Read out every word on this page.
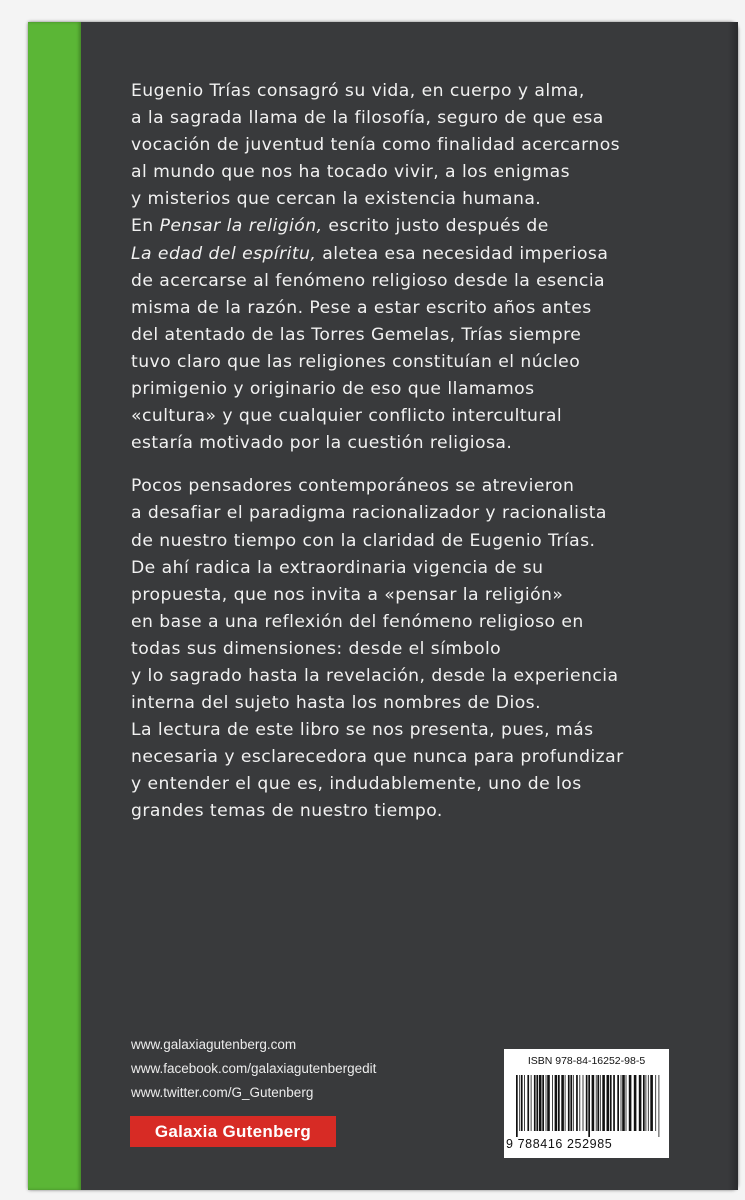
Eugenio Trías consagró su vida, en cuerpo y alma,
a la sagrada llama de la filosofía, seguro de que esa
vocación de juventud tenía como finalidad acercarnos
al mundo que nos ha tocado vivir, a los enigmas
y misterios que cercan la existencia humana.
En Pensar la religión, escrito justo después de
La edad del espíritu, aletea esa necesidad imperiosa
de acercarse al fenómeno religioso desde la esencia
misma de la razón. Pese a estar escrito años antes
del atentado de las Torres Gemelas, Trías siempre
tuvo claro que las religiones constituían el núcleo
primigenio y originario de eso que llamamos
«cultura» y que cualquier conflicto intercultural
estaría motivado por la cuestión religiosa.
Pocos pensadores contemporáneos se atrevieron
a desafiar el paradigma racionalizador y racionalista
de nuestro tiempo con la claridad de Eugenio Trías.
De ahí radica la extraordinaria vigencia de su
propuesta, que nos invita a «pensar la religión»
en base a una reflexión del fenómeno religioso en
todas sus dimensiones: desde el símbolo
y lo sagrado hasta la revelación, desde la experiencia
interna del sujeto hasta los nombres de Dios.
La lectura de este libro se nos presenta, pues, más
necesaria y esclarecedora que nunca para profundizar
y entender el que es, indudablemente, uno de los
grandes temas de nuestro tiempo.
www.galaxiagutenberg.com
www.facebook.com/galaxiagutenbergedit
www.twitter.com/G_Gutenberg
Galaxia Gutenberg
ISBN 978-84-16252-98-5
9 788416 252985
